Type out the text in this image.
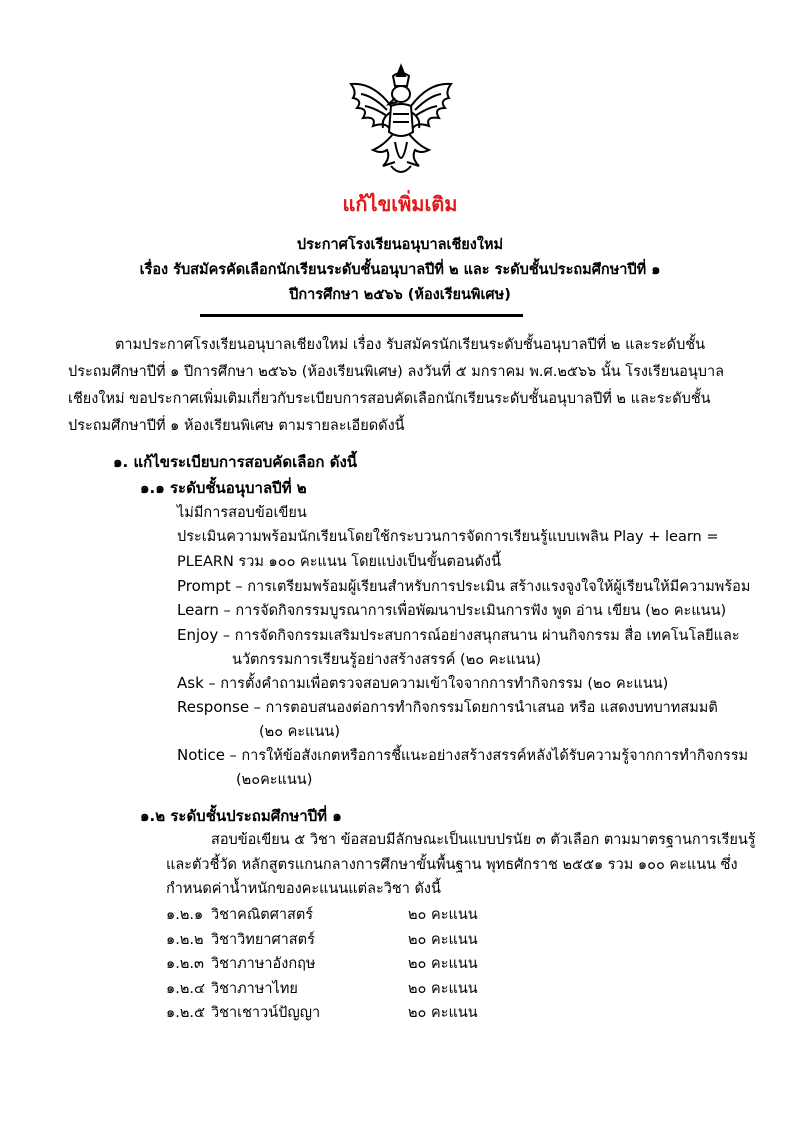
แก้ไขเพิ่มเติม
ประกาศโรงเรียนอนุบาลเชียงใหม่
เรื่อง รับสมัครคัดเลือกนักเรียนระดับชั้นอนุบาลปีที่ ๒ และ ระดับชั้นประถมศึกษาปีที่ ๑
ปีการศึกษา ๒๕๖๖ (ห้องเรียนพิเศษ)
ตามประกาศโรงเรียนอนุบาลเชียงใหม่ เรื่อง รับสมัครนักเรียนระดับชั้นอนุบาลปีที่ ๒ และระดับชั้น
ประถมศึกษาปีที่ ๑ ปีการศึกษา ๒๕๖๖ (ห้องเรียนพิเศษ) ลงวันที่ ๕ มกราคม พ.ศ.๒๕๖๖ นั้น โรงเรียนอนุบาล
เชียงใหม่ ขอประกาศเพิ่มเติมเกี่ยวกับระเบียบการสอบคัดเลือกนักเรียนระดับชั้นอนุบาลปีที่ ๒ และระดับชั้น
ประถมศึกษาปีที่ ๑ ห้องเรียนพิเศษ ตามรายละเอียดดังนี้
๑. แก้ไขระเบียบการสอบคัดเลือก ดังนี้
๑.๑ ระดับชั้นอนุบาลปีที่ ๒
ไม่มีการสอบข้อเขียน
ประเมินความพร้อมนักเรียนโดยใช้กระบวนการจัดการเรียนรู้แบบเพลิน Play + learn =
PLEARN รวม ๑๐๐ คะแนน โดยแบ่งเป็นขั้นตอนดังนี้
Prompt – การเตรียมพร้อมผู้เรียนสำหรับการประเมิน สร้างแรงจูงใจให้ผู้เรียนให้มีความพร้อม
Learn – การจัดกิจกรรมบูรณาการเพื่อพัฒนาประเมินการฟัง พูด อ่าน เขียน (๒๐ คะแนน)
Enjoy – การจัดกิจกรรมเสริมประสบการณ์อย่างสนุกสนาน ผ่านกิจกรรม สื่อ เทคโนโลยีและ
นวัตกรรมการเรียนรู้อย่างสร้างสรรค์ (๒๐ คะแนน)
Ask – การตั้งคำถามเพื่อตรวจสอบความเข้าใจจากการทำกิจกรรม (๒๐ คะแนน)
Response – การตอบสนองต่อการทำกิจกรรมโดยการนำเสนอ หรือ แสดงบทบาทสมมติ
(๒๐ คะแนน)
Notice – การให้ข้อสังเกตหรือการชี้แนะอย่างสร้างสรรค์หลังได้รับความรู้จากการทำกิจกรรม
(๒๐คะแนน)
๑.๒ ระดับชั้นประถมศึกษาปีที่ ๑
สอบข้อเขียน ๕ วิชา ข้อสอบมีลักษณะเป็นแบบปรนัย ๓ ตัวเลือก ตามมาตรฐานการเรียนรู้
และตัวชี้วัด หลักสูตรแกนกลางการศึกษาขั้นพื้นฐาน พุทธศักราช ๒๕๕๑ รวม ๑๐๐ คะแนน ซึ่ง
กำหนดค่าน้ำหนักของคะแนนแต่ละวิชา ดังนี้
๑.๒.๑ วิชาคณิตศาสตร์	๒๐ คะแนน
๑.๒.๒ วิชาวิทยาศาสตร์	๒๐ คะแนน
๑.๒.๓ วิชาภาษาอังกฤษ	๒๐ คะแนน
๑.๒.๔ วิชาภาษาไทย	๒๐ คะแนน
๑.๒.๕ วิชาเชาวน์ปัญญา	๒๐ คะแนน
